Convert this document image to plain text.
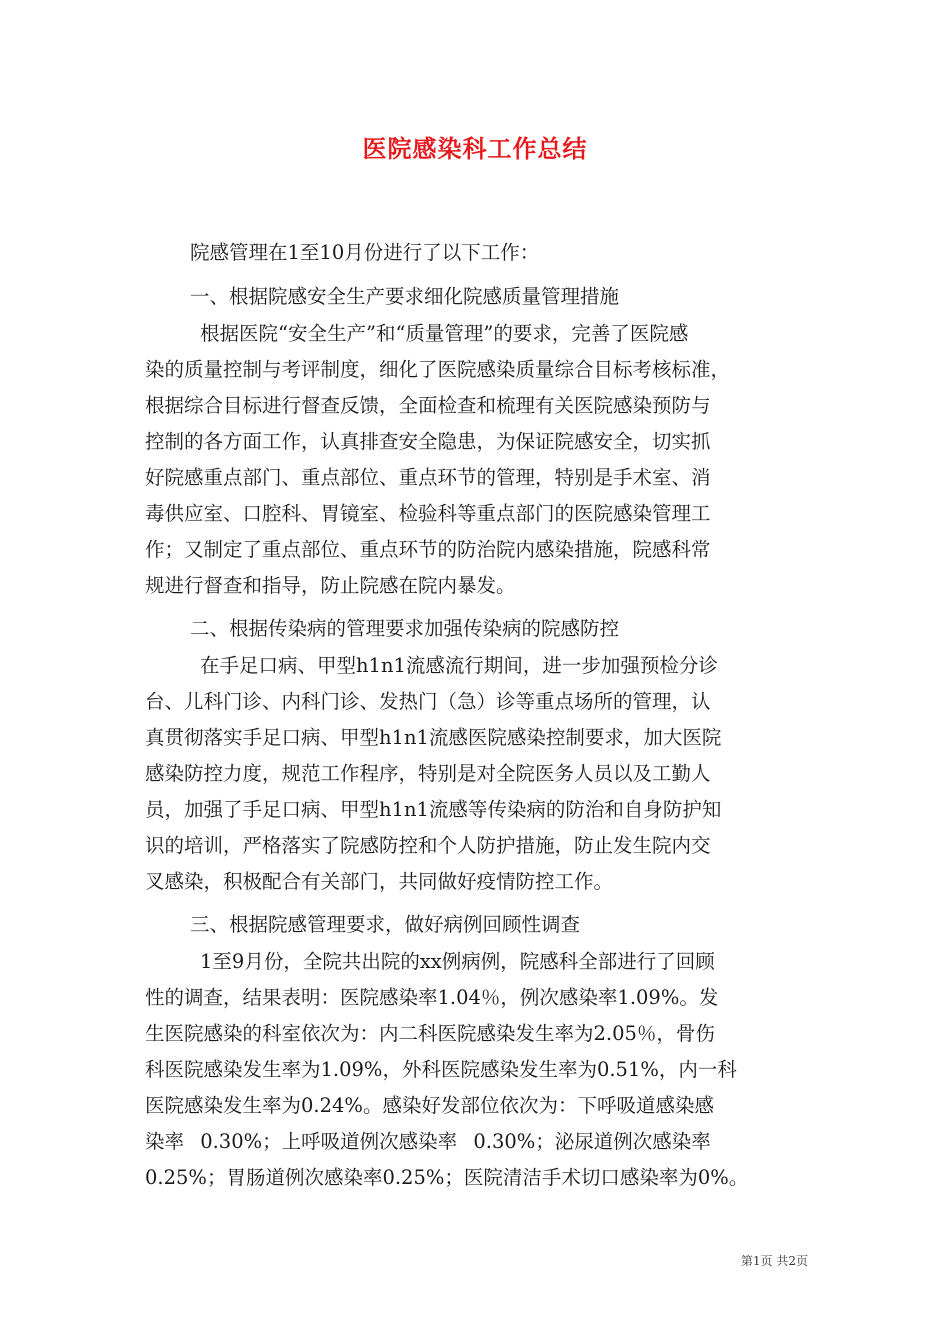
医院感染科工作总结
院感管理在1至10月份进行了以下工作：
一、根据院感安全生产要求细化院感质量管理措施
根据医院“安全生产”和“质量管理”的要求，完善了医院感
染的质量控制与考评制度，细化了医院感染质量综合目标考核标准，
根据综合目标进行督查反馈，全面检查和梳理有关医院感染预防与
控制的各方面工作，认真排查安全隐患，为保证院感安全，切实抓
好院感重点部门、重点部位、重点环节的管理，特别是手术室、消
毒供应室、口腔科、胃镜室、检验科等重点部门的医院感染管理工
作；又制定了重点部位、重点环节的防治院内感染措施，院感科常
规进行督查和指导，防止院感在院内暴发。
二、根据传染病的管理要求加强传染病的院感防控
在手足口病、甲型h1n1流感流行期间，进一步加强预检分诊
台、儿科门诊、内科门诊、发热门（急）诊等重点场所的管理，认
真贯彻落实手足口病、甲型h1n1流感医院感染控制要求，加大医院
感染防控力度，规范工作程序，特别是对全院医务人员以及工勤人
员，加强了手足口病、甲型h1n1流感等传染病的防治和自身防护知
识的培训，严格落实了院感防控和个人防护措施，防止发生院内交
叉感染，积极配合有关部门，共同做好疫情防控工作。
三、根据院感管理要求，做好病例回顾性调查
1至9月份，全院共出院的xx例病例，院感科全部进行了回顾
性的调查，结果表明：医院感染率1.04％，例次感染率1.09%。发
生医院感染的科室依次为：内二科医院感染发生率为2.05％，骨伤
科医院感染发生率为1.09%，外科医院感染发生率为0.51%，内一科
医院感染发生率为0.24%。感染好发部位依次为：下呼吸道感染感
染率 0.30%；上呼吸道例次感染率 0.30%；泌尿道例次感染率
0.25%；胃肠道例次感染率0.25%；医院清洁手术切口感染率为0%。
第1页 共2页
